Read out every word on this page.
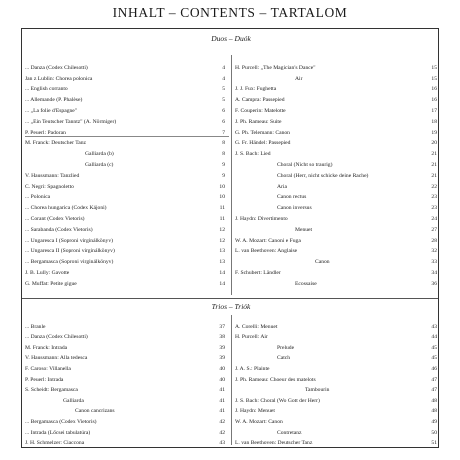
INHALT – CONTENTS – TARTALOM
Duos – Duók
... Danza (Codex Chilesotti)	4
Jan z Lublin: Chorea polonica	4
... English corranto	5
... Allemande (P. Phalèse)	5
... „La folie d'Espagne"	6
... „Ein Teutscher Tanntz" (A. Nörmiger)	6
P. Peuerl: Padoran	7
M. Franck: Deutscher Tanz	8
Galliarda (b)	8
Galliarda (c)	9
V. Haussmann: Tanzlied	9
C. Negri: Spagnoletto	10
... Polonica	10
... Chorea hungarica (Codex Kájoni)	11
... Corant (Codex Vietoris)	11
... Sarabanda (Codex Vietoris)	12
... Ungaresca I (Soproni virginálkönyv)	12
... Ungaresca II (Soproni virginálkönyv)	13
... Bergamasca (Soproni virginálkönyv)	13
J. B. Lully: Gavotte	14
G. Muffat: Petite gigue	14
H. Purcell: „The Magician's Dance"	15
Air	15
J. J. Fux: Fughetta	16
A. Campra: Passepied	16
F. Couperin: Matelotte	17
J. Ph. Rameau: Suite	18
G. Ph. Telemann: Canon	19
G. Fr. Händel: Passepied	20
J. S. Bach: Lied	21
Choral (Nicht so traurig)	21
Choral (Herr, nicht schicke deine Rache)	21
Aria	22
Canon rectus	23
Canon inversus	23
J. Haydn: Divertimento	24
Menuet	27
W. A. Mozart: Canoni e Fuga	28
L. van Beethoven: Anglaise	32
Canon	33
F. Schubert: Ländler	34
Ecossaise	36
Trios – Triók
... Branle	37
... Danza (Codex Chilesotti)	38
M. Franck: Intrada	39
V. Haussmann: Alla tedesca	39
F. Caroso: Villanella	40
P. Peuerl: Intrada	40
S. Scheidt: Bergamasca	41
Galliarda	41
Canon cancrizans	41
... Bergamasca (Codex Vietoris)	42
... Intrada (Lőcsei tabulatúra)	42
J. H. Schmelzer: Ciaccona	43
A. Corelli: Menuet	43
H. Purcell: Air	44
Prelude	45
Catch	45
J. A. S.: Plainte	46
J. Ph. Rameau: Choeur des matelots	47
Tambourin	47
J. S. Bach: Choral (Wo Gott der Herr)	48
J. Haydn: Menuet	48
W. A. Mozart: Canon	49
Contretanz	50
L. van Beethoven: Deutscher Tanz	51
